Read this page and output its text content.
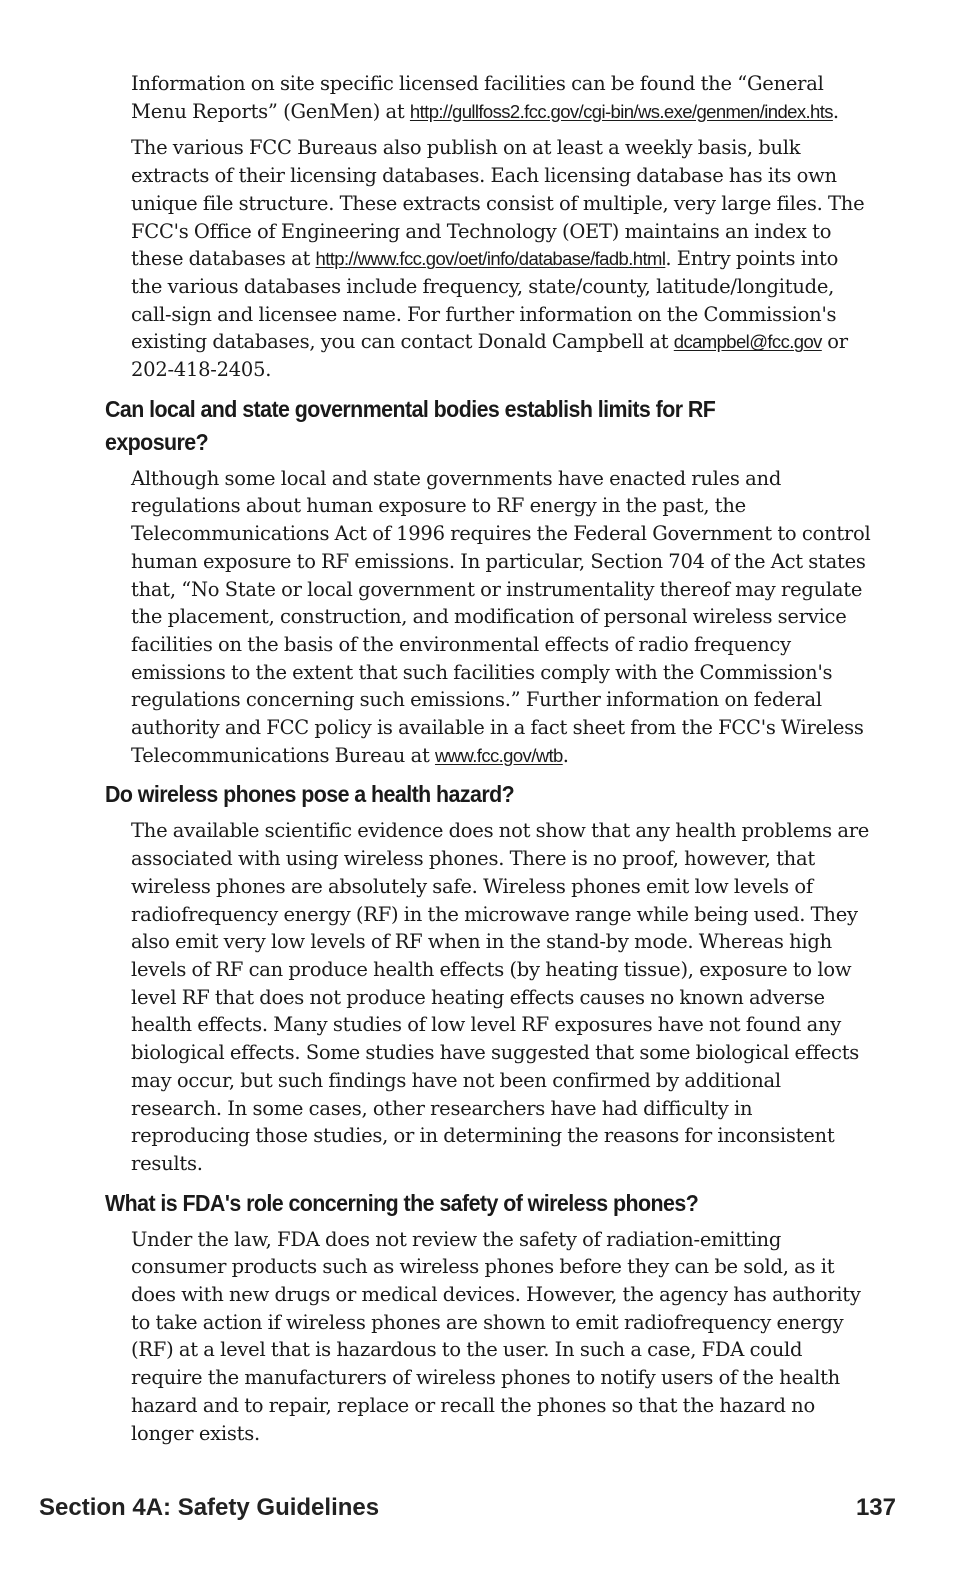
Information on site specific licensed facilities can be found the “General Menu Reports” (GenMen) at http://gullfoss2.fcc.gov/cgi-bin/ws.exe/genmen/index.hts.

The various FCC Bureaus also publish on at least a weekly basis, bulk extracts of their licensing databases. Each licensing database has its own unique file structure. These extracts consist of multiple, very large files. The FCC's Office of Engineering and Technology (OET) maintains an index to these databases at http://www.fcc.gov/oet/info/database/fadb.html. Entry points into the various databases include frequency, state/county, latitude/longitude, call-sign and licensee name. For further information on the Commission's existing databases, you can contact Donald Campbell at dcampbel@fcc.gov or 202-418-2405.

Can local and state governmental bodies establish limits for RF exposure?

Although some local and state governments have enacted rules and regulations about human exposure to RF energy in the past, the Telecommunications Act of 1996 requires the Federal Government to control human exposure to RF emissions. In particular, Section 704 of the Act states that, “No State or local government or instrumentality thereof may regulate the placement, construction, and modification of personal wireless service facilities on the basis of the environmental effects of radio frequency emissions to the extent that such facilities comply with the Commission's regulations concerning such emissions.” Further information on federal authority and FCC policy is available in a fact sheet from the FCC's Wireless Telecommunications Bureau at www.fcc.gov/wtb.

Do wireless phones pose a health hazard?

The available scientific evidence does not show that any health problems are associated with using wireless phones. There is no proof, however, that wireless phones are absolutely safe. Wireless phones emit low levels of radiofrequency energy (RF) in the microwave range while being used. They also emit very low levels of RF when in the stand-by mode. Whereas high levels of RF can produce health effects (by heating tissue), exposure to low level RF that does not produce heating effects causes no known adverse health effects. Many studies of low level RF exposures have not found any biological effects. Some studies have suggested that some biological effects may occur, but such findings have not been confirmed by additional research. In some cases, other researchers have had difficulty in reproducing those studies, or in determining the reasons for inconsistent results.

What is FDA's role concerning the safety of wireless phones?

Under the law, FDA does not review the safety of radiation-emitting consumer products such as wireless phones before they can be sold, as it does with new drugs or medical devices. However, the agency has authority to take action if wireless phones are shown to emit radiofrequency energy (RF) at a level that is hazardous to the user. In such a case, FDA could require the manufacturers of wireless phones to notify users of the health hazard and to repair, replace or recall the phones so that the hazard no longer exists.

Section 4A: Safety Guidelines	137
